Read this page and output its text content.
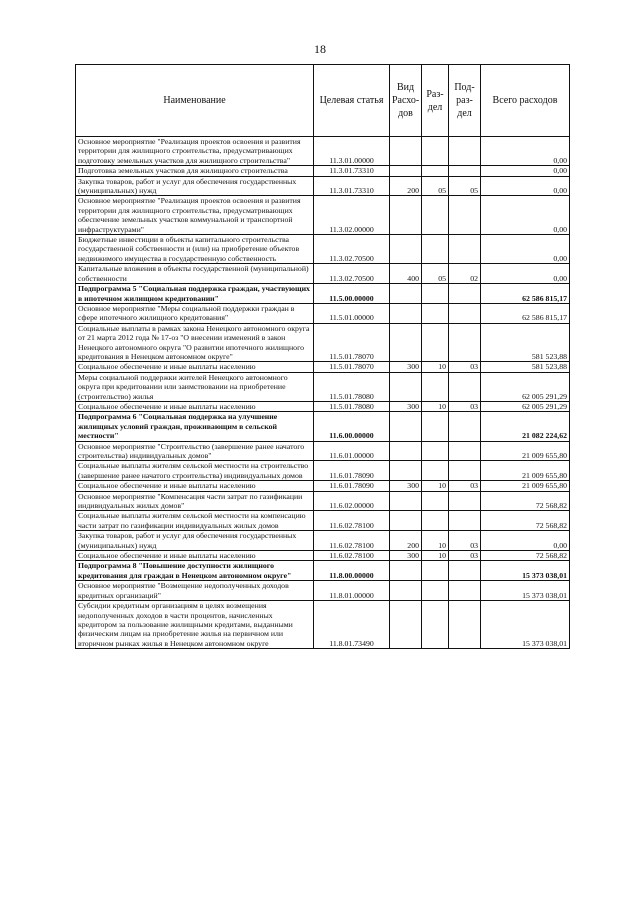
18
Наименование	Целевая статья	Вид Расхо-дов	Раз-дел	Под-раз-дел	Всего расходов
Основное мероприятие "Реализация проектов освоения и развития территории для жилищного строительства, предусматривающих подготовку земельных участков для жилищного строительства"	11.3.01.00000				0,00
Подготовка земельных участков для жилищного строительства	11.3.01.73310				0,00
Закупка товаров, работ и услуг для обеспечения государственных (муниципальных) нужд	11.3.01.73310	200	05	05	0,00
Основное мероприятие "Реализация проектов освоения и развития территории для жилищного строительства, предусматривающих обеспечение земельных участков коммунальной и транспортной инфраструктурами"	11.3.02.00000				0,00
Бюджетные инвестиции в объекты капитального строительства государственной собственности и (или) на приобретение объектов недвижимого имущества в государственную собственность	11.3.02.70500				0,00
Капитальные вложения в объекты государственной (муниципальной) собственности	11.3.02.70500	400	05	02	0,00
Подпрограмма 5 "Социальная поддержка граждан, участвующих в ипотечном жилищном кредитовании"	11.5.00.00000				62 586 815,17
Основное мероприятие "Меры социальной поддержки граждан в сфере ипотечного жилищного кредитования"	11.5.01.00000				62 586 815,17
Социальные выплаты в рамках закона Ненецкого автономного округа от 21 марта 2012 года № 17-оз "О внесении изменений в закон Ненецкого автономного округа "О развитии ипотечного жилищного кредитования в Ненецком автономном округе"	11.5.01.78070				581 523,88
Социальное обеспечение и иные выплаты населению	11.5.01.78070	300	10	03	581 523,88
Меры социальной поддержки жителей Ненецкого автономного округа при кредитовании или заимствовании на приобретение (строительство) жилья	11.5.01.78080				62 005 291,29
Социальное обеспечение и иные выплаты населению	11.5.01.78080	300	10	03	62 005 291,29
Подпрограмма 6 "Социальная поддержка на улучшение жилищных условий граждан, проживающим в сельской местности"	11.6.00.00000				21 082 224,62
Основное мероприятие "Строительство (завершение ранее начатого строительства) индивидуальных домов"	11.6.01.00000				21 009 655,80
Социальные выплаты жителям сельской местности на строительство (завершение ранее начатого строительства) индивидуальных домов	11.6.01.78090				21 009 655,80
Социальное обеспечение и иные выплаты населению	11.6.01.78090	300	10	03	21 009 655,80
Основное мероприятие "Компенсация части затрат по газификации индивидуальных жилых домов"	11.6.02.00000				72 568,82
Социальные выплаты жителям сельской местности на компенсацию части затрат по газификации индивидуальных жилых домов	11.6.02.78100				72 568,82
Закупка товаров, работ и услуг для обеспечения государственных (муниципальных) нужд	11.6.02.78100	200	10	03	0,00
Социальное обеспечение и иные выплаты населению	11.6.02.78100	300	10	03	72 568,82
Подпрограмма 8 "Повышение доступности жилищного кредитования для граждан в Ненецком автономном округе"	11.8.00.00000				15 373 038,01
Основное мероприятие "Возмещение недополученных доходов кредитных организаций"	11.8.01.00000				15 373 038,01
Субсидии кредитным организациям в целях возмещения недополученных доходов в части процентов, начисленных кредитором за пользование жилищными кредитами, выданными физическим лицам на приобретение жилья на первичном или вторичном рынках жилья в Ненецком автономном округе	11.8.01.73490				15 373 038,01
